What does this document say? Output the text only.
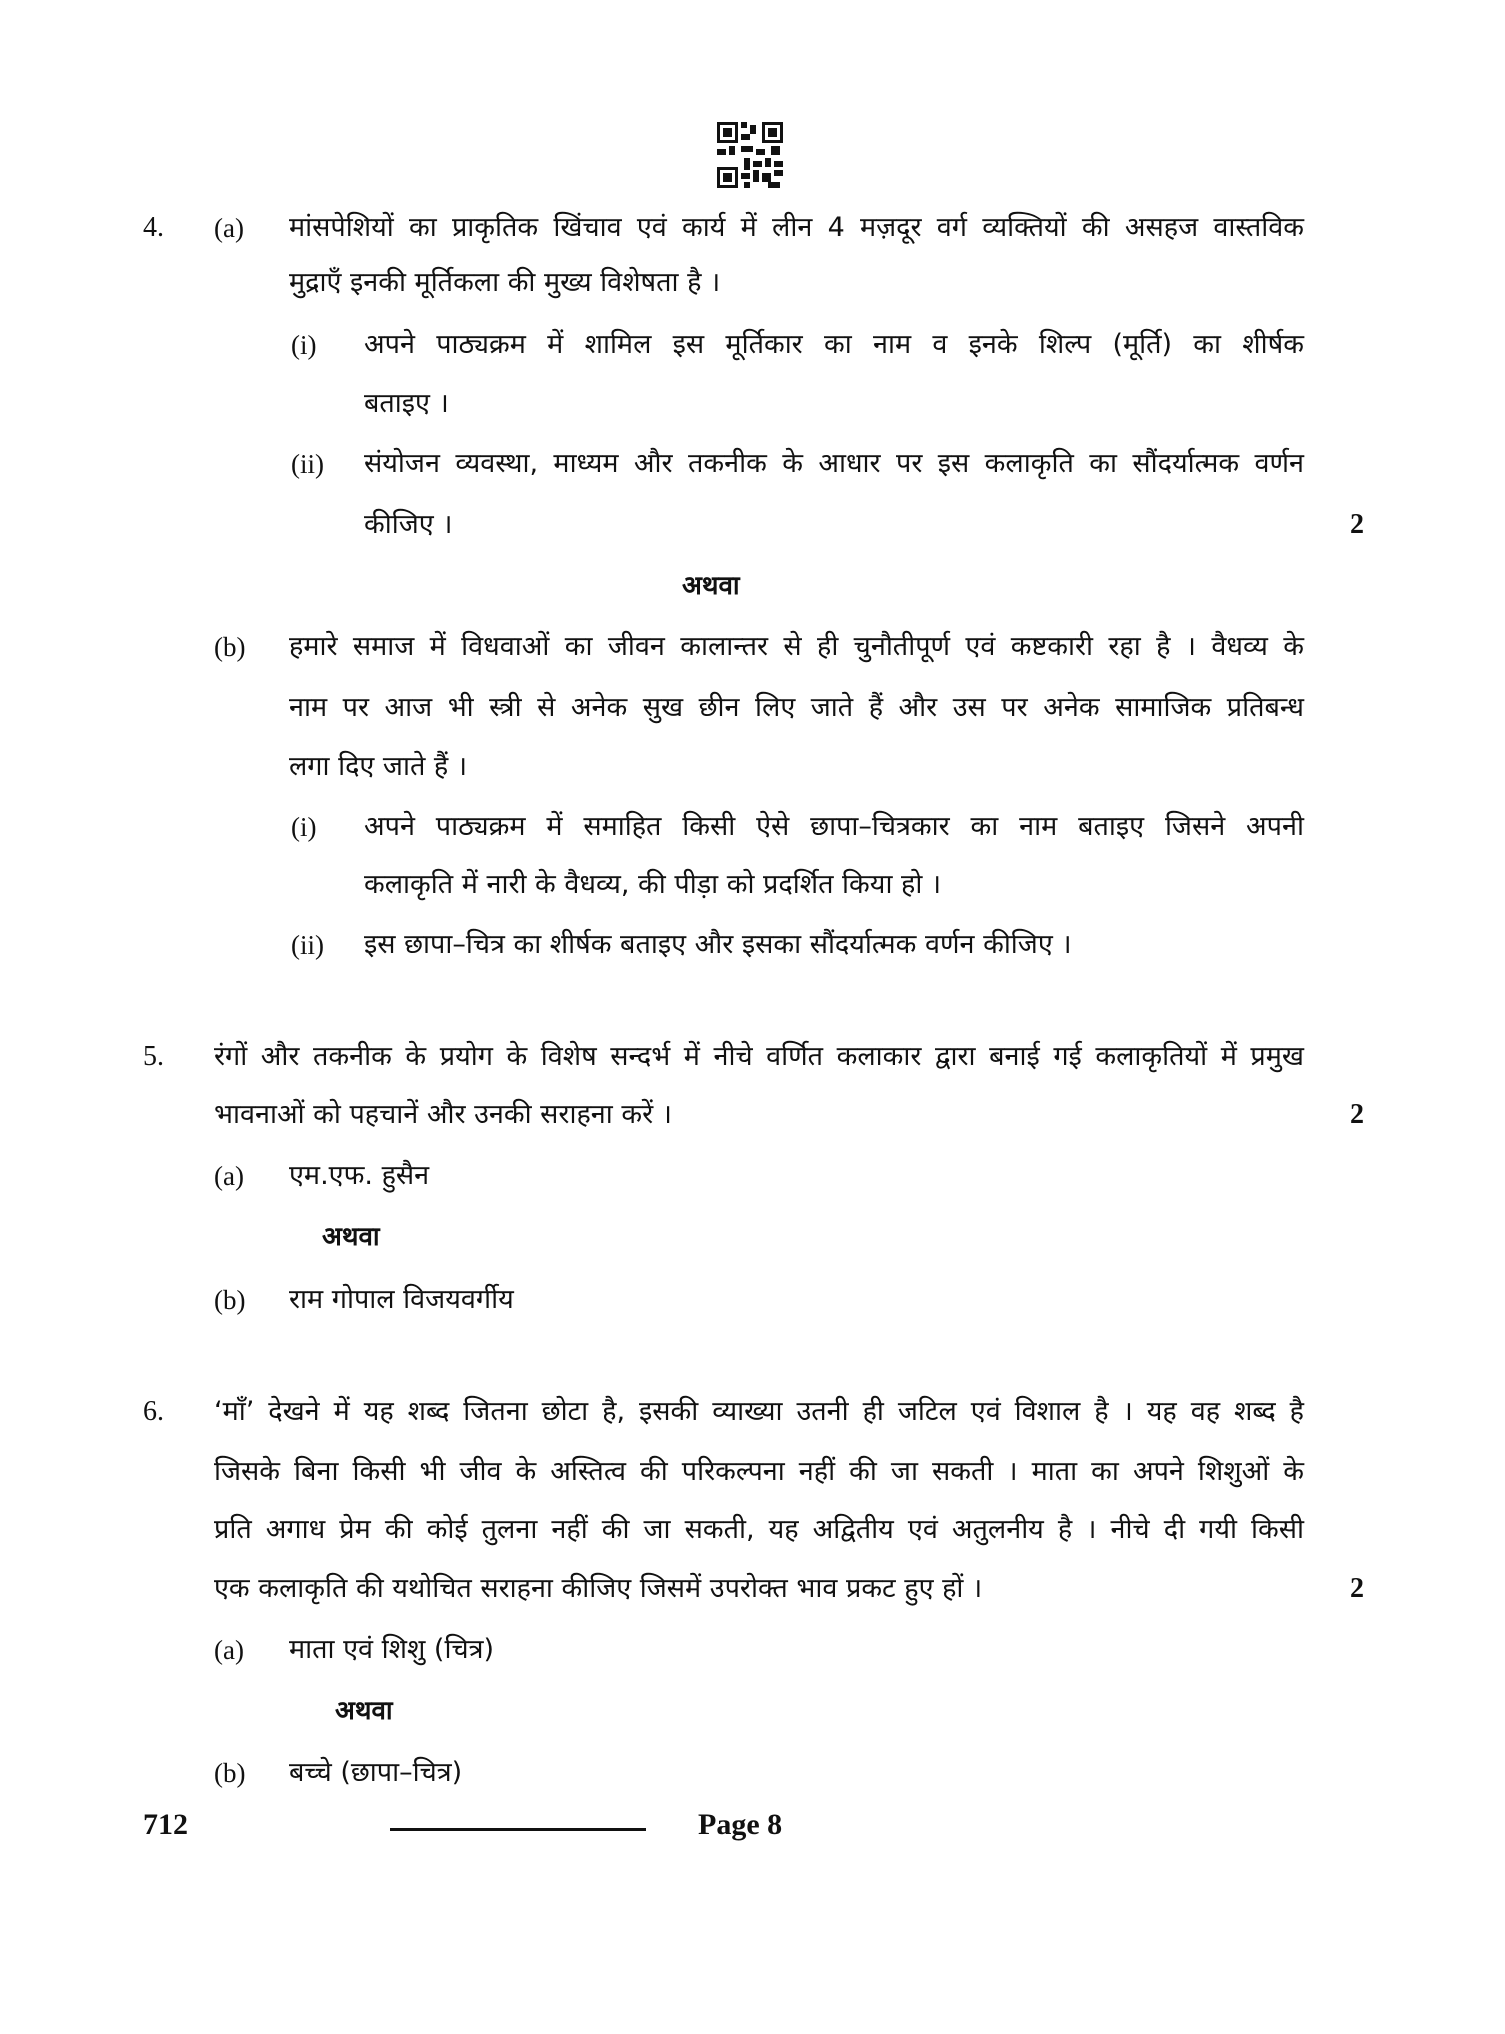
4. (a) मांसपेशियों का प्राकृतिक खिंचाव एवं कार्य में लीन 4 मज़दूर वर्ग व्यक्तियों की असहज वास्तविक
मुद्राएँ इनकी मूर्तिकला की मुख्य विशेषता है ।
(i) अपने पाठ्यक्रम में शामिल इस मूर्तिकार का नाम व इनके शिल्प (मूर्ति) का शीर्षक
बताइए ।
(ii) संयोजन व्यवस्था, माध्यम और तकनीक के आधार पर इस कलाकृति का सौंदर्यात्मक वर्णन
कीजिए ।	2
अथवा
(b) हमारे समाज में विधवाओं का जीवन कालान्तर से ही चुनौतीपूर्ण एवं कष्टकारी रहा है । वैधव्य के
नाम पर आज भी स्त्री से अनेक सुख छीन लिए जाते हैं और उस पर अनेक सामाजिक प्रतिबन्ध
लगा दिए जाते हैं ।
(i) अपने पाठ्यक्रम में समाहित किसी ऐसे छापा–चित्रकार का नाम बताइए जिसने अपनी
कलाकृति में नारी के वैधव्य, की पीड़ा को प्रदर्शित किया हो ।
(ii) इस छापा–चित्र का शीर्षक बताइए और इसका सौंदर्यात्मक वर्णन कीजिए ।
5. रंगों और तकनीक के प्रयोग के विशेष सन्दर्भ में नीचे वर्णित कलाकार द्वारा बनाई गई कलाकृतियों में प्रमुख
भावनाओं को पहचानें और उनकी सराहना करें ।	2
(a) एम.एफ. हुसैन
अथवा
(b) राम गोपाल विजयवर्गीय
6. ‘माँ’ देखने में यह शब्द जितना छोटा है, इसकी व्याख्या उतनी ही जटिल एवं विशाल है । यह वह शब्द है
जिसके बिना किसी भी जीव के अस्तित्व की परिकल्पना नहीं की जा सकती । माता का अपने शिशुओं के
प्रति अगाध प्रेम की कोई तुलना नहीं की जा सकती, यह अद्वितीय एवं अतुलनीय है । नीचे दी गयी किसी
एक कलाकृति की यथोचित सराहना कीजिए जिसमें उपरोक्त भाव प्रकट हुए हों ।	2
(a) माता एवं शिशु (चित्र)
अथवा
(b) बच्चे (छापा–चित्र)
712	Page 8
